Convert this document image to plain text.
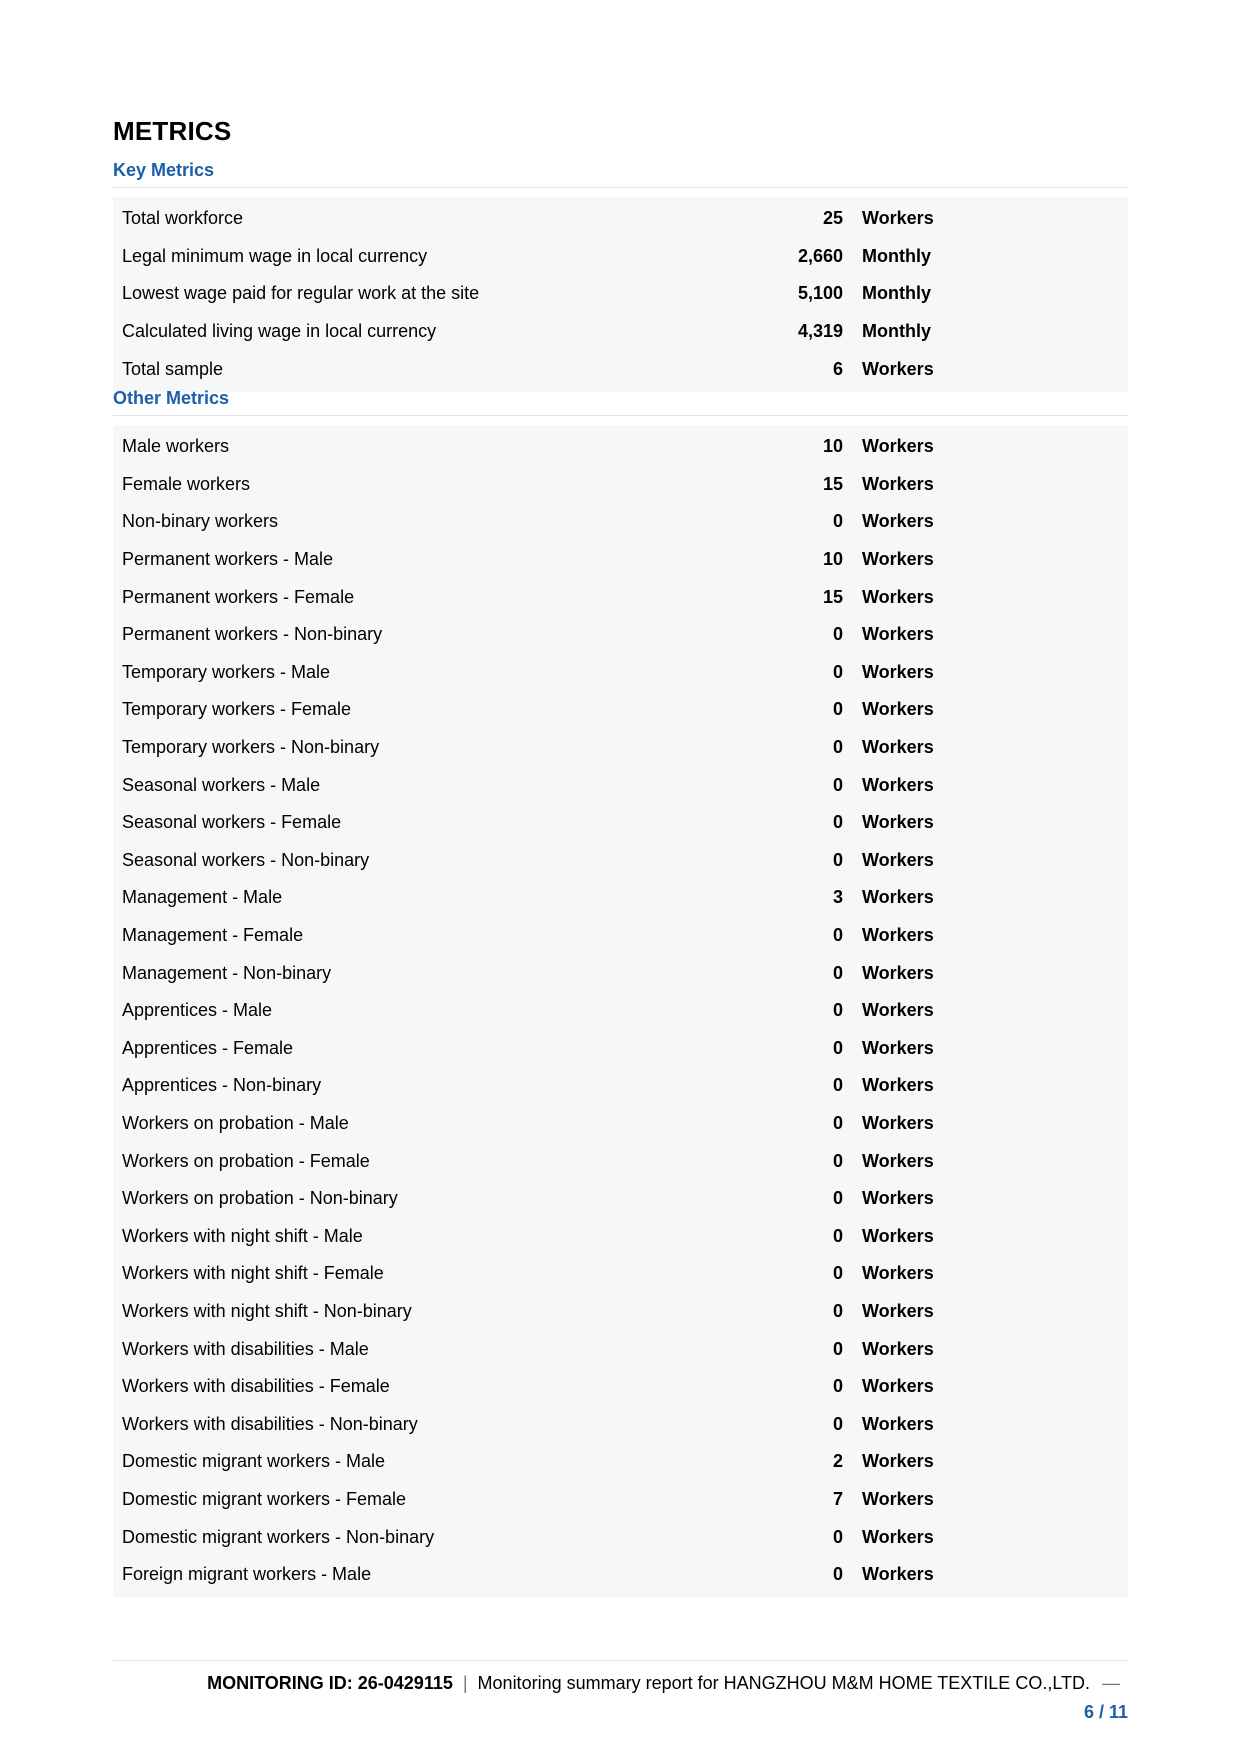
METRICS
Key Metrics
Total workforce	25	Workers
Legal minimum wage in local currency	2,660	Monthly
Lowest wage paid for regular work at the site	5,100	Monthly
Calculated living wage in local currency	4,319	Monthly
Total sample	6	Workers
Other Metrics
Male workers	10	Workers
Female workers	15	Workers
Non-binary workers	0	Workers
Permanent workers - Male	10	Workers
Permanent workers - Female	15	Workers
Permanent workers - Non-binary	0	Workers
Temporary workers - Male	0	Workers
Temporary workers - Female	0	Workers
Temporary workers - Non-binary	0	Workers
Seasonal workers - Male	0	Workers
Seasonal workers - Female	0	Workers
Seasonal workers - Non-binary	0	Workers
Management - Male	3	Workers
Management - Female	0	Workers
Management - Non-binary	0	Workers
Apprentices - Male	0	Workers
Apprentices - Female	0	Workers
Apprentices - Non-binary	0	Workers
Workers on probation - Male	0	Workers
Workers on probation - Female	0	Workers
Workers on probation - Non-binary	0	Workers
Workers with night shift - Male	0	Workers
Workers with night shift - Female	0	Workers
Workers with night shift - Non-binary	0	Workers
Workers with disabilities - Male	0	Workers
Workers with disabilities - Female	0	Workers
Workers with disabilities - Non-binary	0	Workers
Domestic migrant workers - Male	2	Workers
Domestic migrant workers - Female	7	Workers
Domestic migrant workers - Non-binary	0	Workers
Foreign migrant workers - Male	0	Workers
MONITORING ID: 26-0429115 | Monitoring summary report for HANGZHOU M&M HOME TEXTILE CO.,LTD. —
6 / 11
